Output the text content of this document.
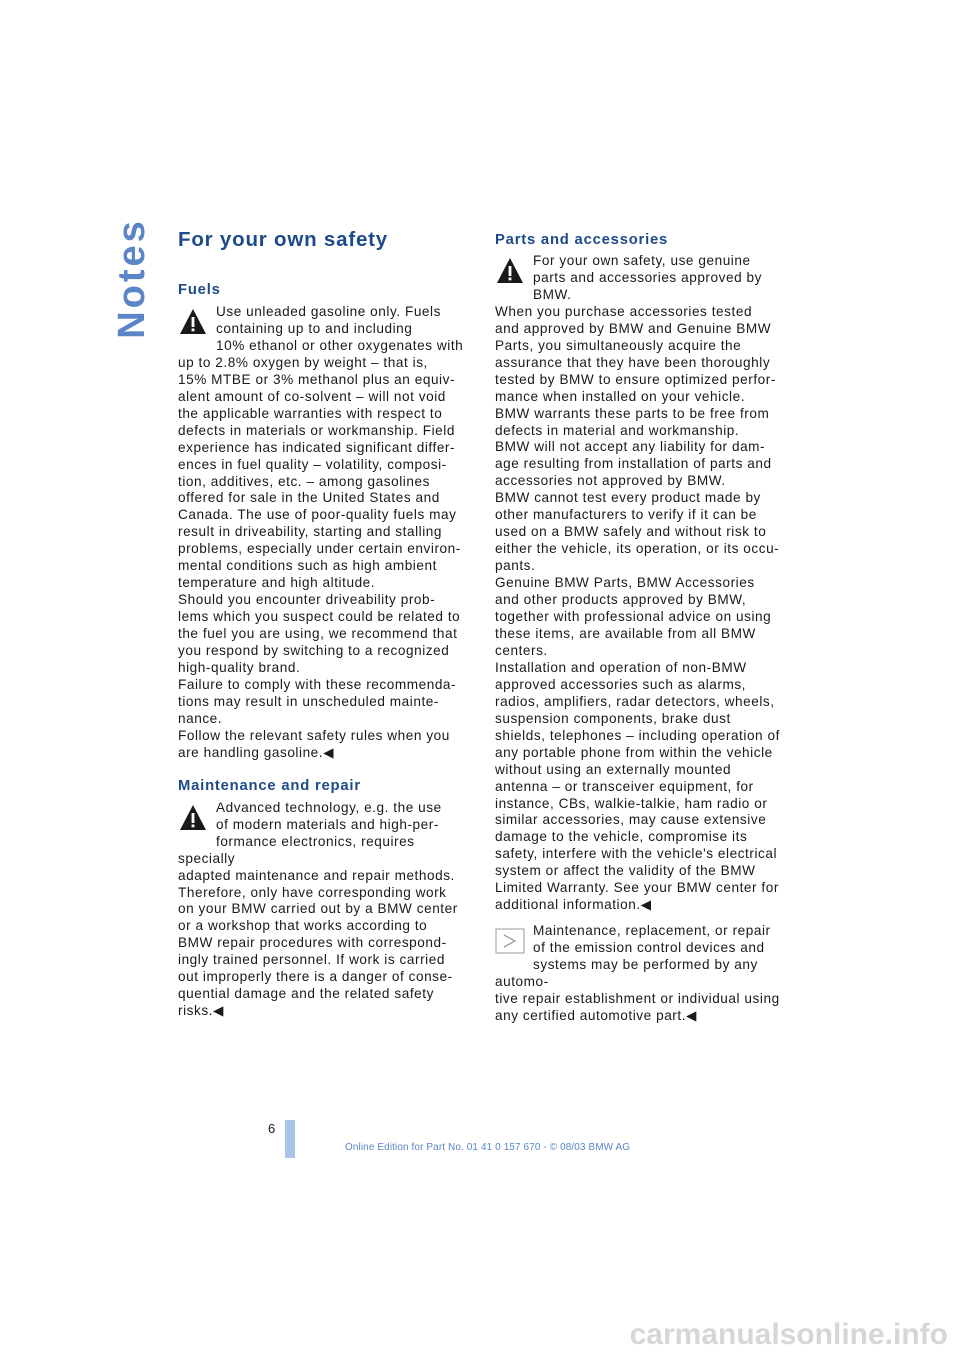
Notes For your own safety
Fuels
Use unleaded gasoline only. Fuels
containing up to and including
10% ethanol or other oxygenates with
up to 2.8% oxygen by weight – that is,
15% MTBE or 3% methanol plus an equiv-
alent amount of co-solvent – will not void
the applicable warranties with respect to
defects in materials or workmanship. Field
experience has indicated significant differ-
ences in fuel quality – volatility, composi-
tion, additives, etc. – among gasolines
offered for sale in the United States and
Canada. The use of poor-quality fuels may
result in driveability, starting and stalling
problems, especially under certain environ-
mental conditions such as high ambient
temperature and high altitude.
Should you encounter driveability prob-
lems which you suspect could be related to
the fuel you are using, we recommend that
you respond by switching to a recognized
high-quality brand.
Failure to comply with these recommenda-
tions may result in unscheduled mainte-
nance.
Follow the relevant safety rules when you
are handling gasoline.◀
Maintenance and repair
Advanced technology, e.g. the use
of modern materials and high-per-
formance electronics, requires specially
adapted maintenance and repair methods.
Therefore, only have corresponding work
on your BMW carried out by a BMW center
or a workshop that works according to
BMW repair procedures with correspond-
ingly trained personnel. If work is carried
out improperly there is a danger of conse-
quential damage and the related safety
risks.◀
Parts and accessories
For your own safety, use genuine
parts and accessories approved by
BMW.
When you purchase accessories tested
and approved by BMW and Genuine BMW
Parts, you simultaneously acquire the
assurance that they have been thoroughly
tested by BMW to ensure optimized perfor-
mance when installed on your vehicle.
BMW warrants these parts to be free from
defects in material and workmanship.
BMW will not accept any liability for dam-
age resulting from installation of parts and
accessories not approved by BMW.
BMW cannot test every product made by
other manufacturers to verify if it can be
used on a BMW safely and without risk to
either the vehicle, its operation, or its occu-
pants.
Genuine BMW Parts, BMW Accessories
and other products approved by BMW,
together with professional advice on using
these items, are available from all BMW
centers.
Installation and operation of non-BMW
approved accessories such as alarms,
radios, amplifiers, radar detectors, wheels,
suspension components, brake dust
shields, telephones – including operation of
any portable phone from within the vehicle
without using an externally mounted
antenna – or transceiver equipment, for
instance, CBs, walkie-talkie, ham radio or
similar accessories, may cause extensive
damage to the vehicle, compromise its
safety, interfere with the vehicle's electrical
system or affect the validity of the BMW
Limited Warranty. See your BMW center for
additional information.◀
Maintenance, replacement, or repair
of the emission control devices and
systems may be performed by any automo-
tive repair establishment or individual using
any certified automotive part.◀
6
Online Edition for Part No. 01 41 0 157 670 - © 08/03 BMW AG
carmanualsonline.info
